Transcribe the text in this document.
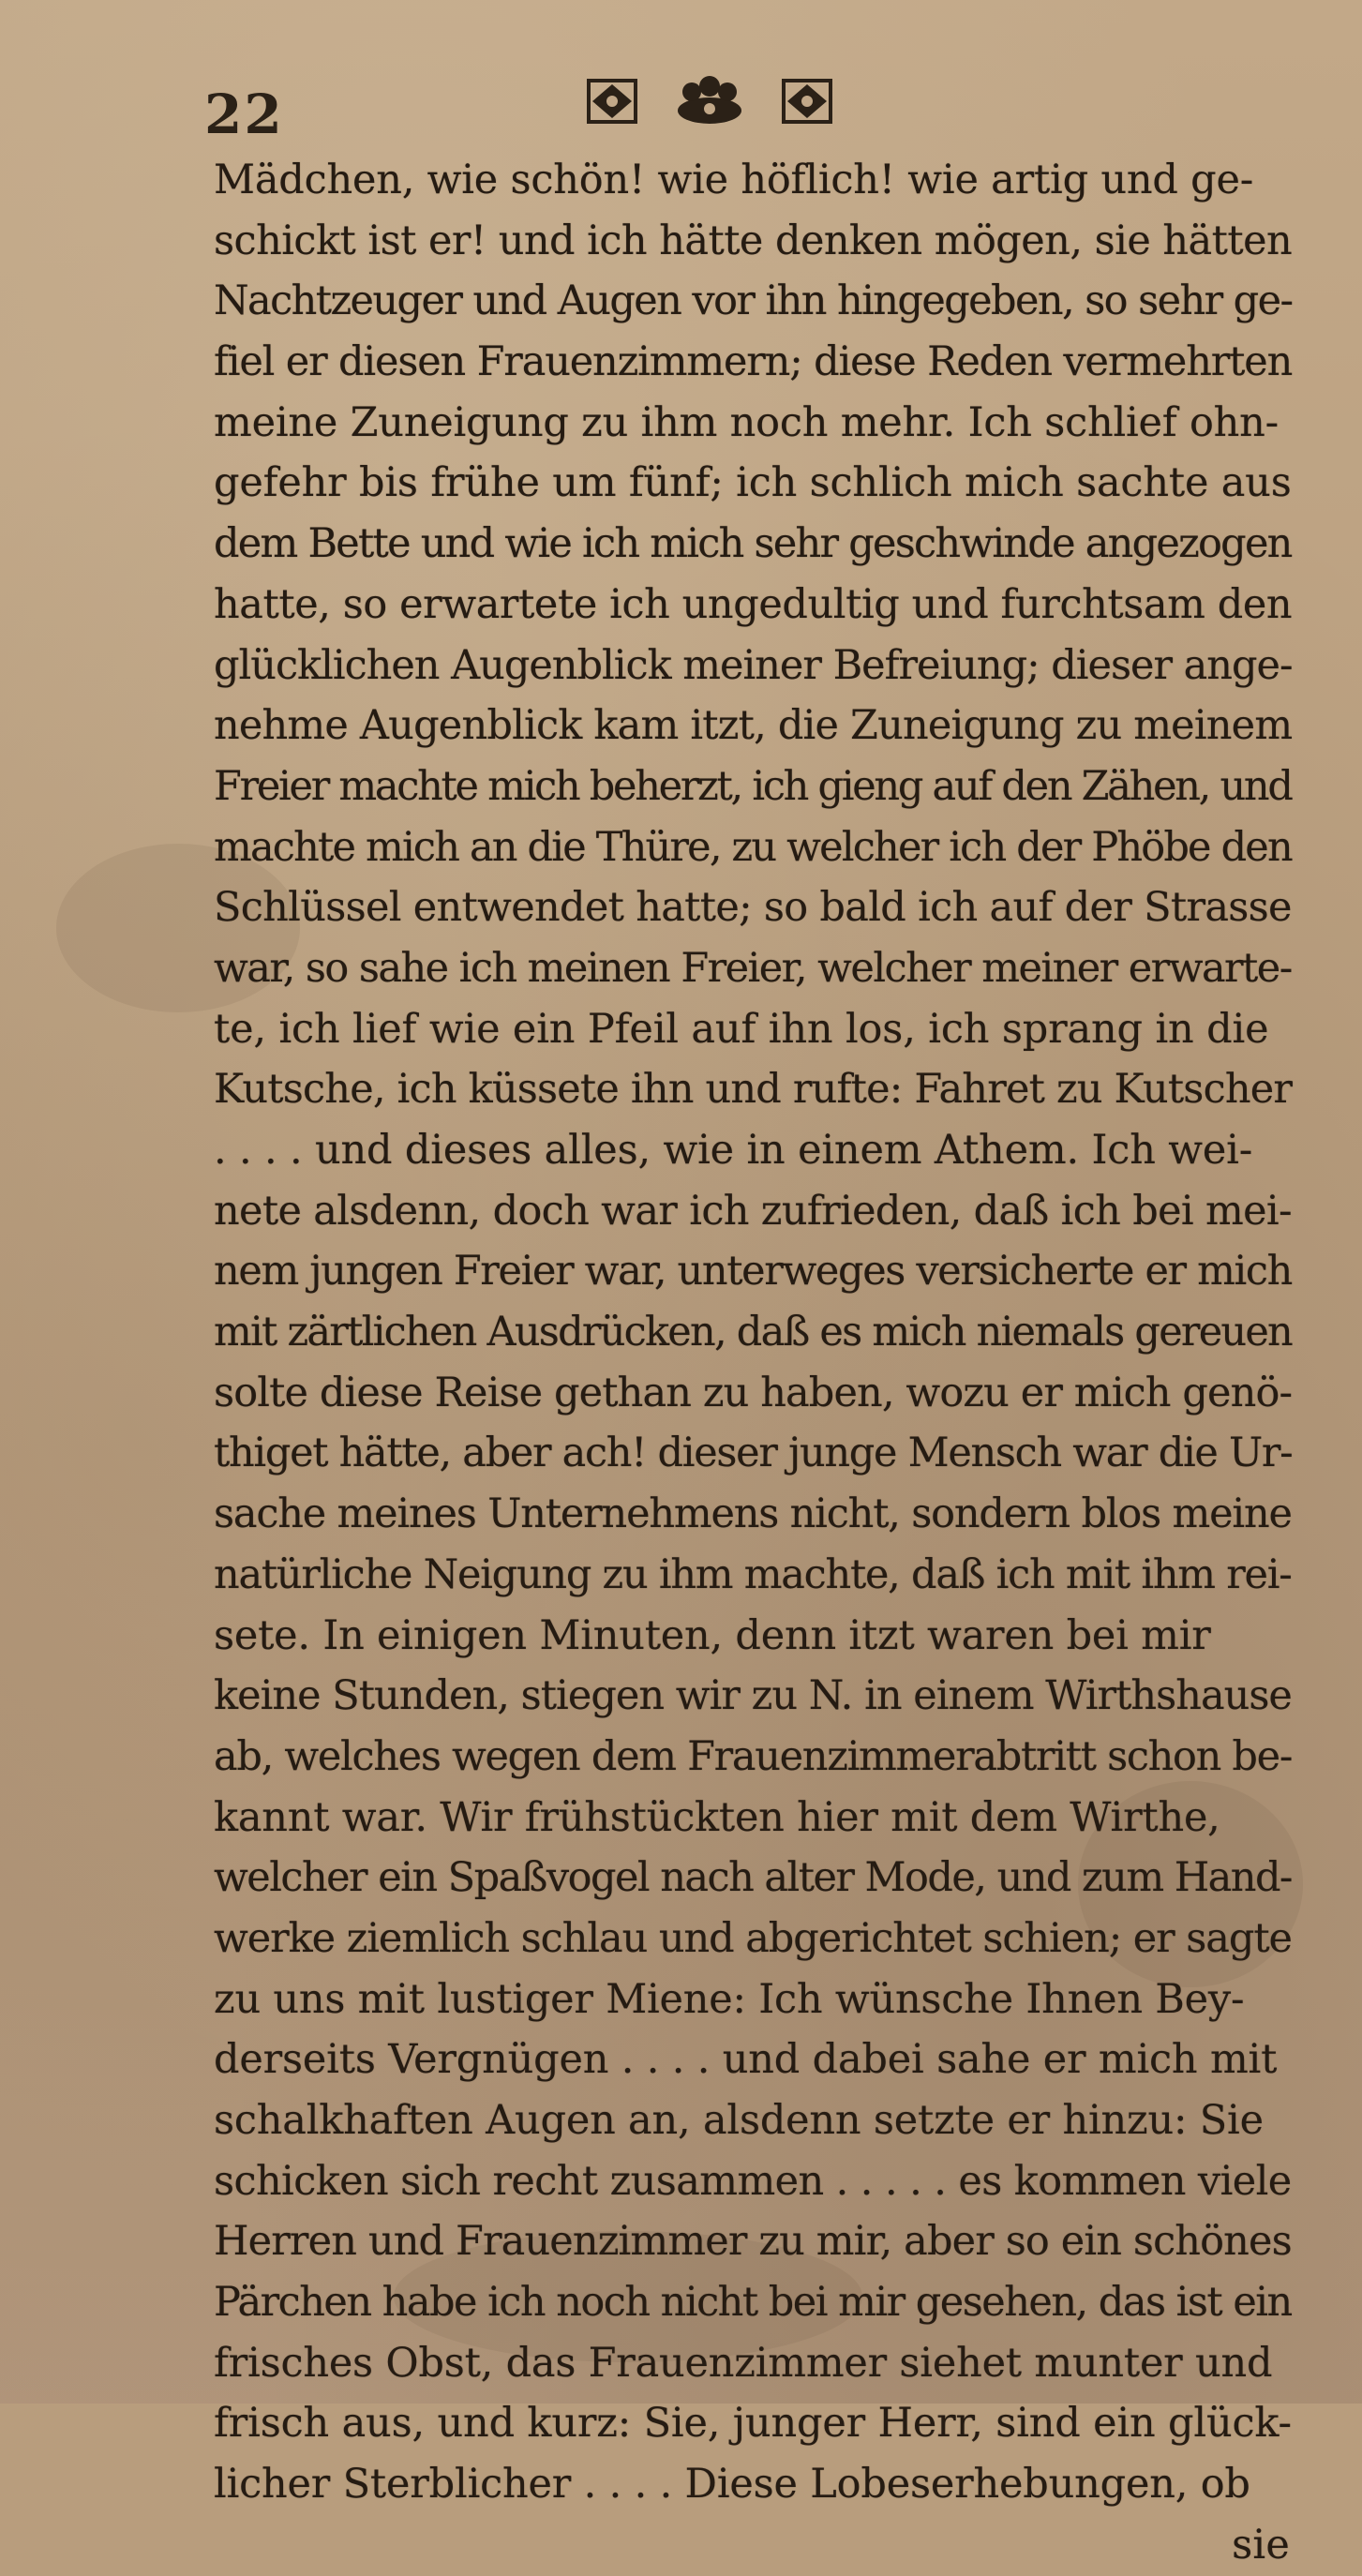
22
Mädchen, wie schön! wie höflich! wie artig und ge-
schickt ist er! und ich hätte denken mögen, sie hätten
Nachtzeuger und Augen vor ihn hingegeben, so sehr ge-
fiel er diesen Frauenzimmern; diese Reden vermehrten
meine Zuneigung zu ihm noch mehr. Ich schlief ohn-
gefehr bis frühe um fünf; ich schlich mich sachte aus
dem Bette und wie ich mich sehr geschwinde angezogen
hatte, so erwartete ich ungedultig und furchtsam den
glücklichen Augenblick meiner Befreiung; dieser ange-
nehme Augenblick kam itzt, die Zuneigung zu meinem
Freier machte mich beherzt, ich gieng auf den Zähen, und
machte mich an die Thüre, zu welcher ich der Phöbe den
Schlüssel entwendet hatte; so bald ich auf der Strasse
war, so sahe ich meinen Freier, welcher meiner erwarte-
te, ich lief wie ein Pfeil auf ihn los, ich sprang in die
Kutsche, ich küssete ihn und rufte: Fahret zu Kutscher
. . . . und dieses alles, wie in einem Athem. Ich wei-
nete alsdenn, doch war ich zufrieden, daß ich bei mei-
nem jungen Freier war, unterweges versicherte er mich
mit zärtlichen Ausdrücken, daß es mich niemals gereuen
solte diese Reise gethan zu haben, wozu er mich genö-
thiget hätte, aber ach! dieser junge Mensch war die Ur-
sache meines Unternehmens nicht, sondern blos meine
natürliche Neigung zu ihm machte, daß ich mit ihm rei-
sete. In einigen Minuten, denn itzt waren bei mir
keine Stunden, stiegen wir zu N. in einem Wirthshause
ab, welches wegen dem Frauenzimmerabtritt schon be-
kannt war. Wir frühstückten hier mit dem Wirthe,
welcher ein Spaßvogel nach alter Mode, und zum Hand-
werke ziemlich schlau und abgerichtet schien; er sagte
zu uns mit lustiger Miene: Ich wünsche Ihnen Bey-
derseits Vergnügen . . . . und dabei sahe er mich mit
schalkhaften Augen an, alsdenn setzte er hinzu: Sie
schicken sich recht zusammen . . . . . es kommen viele
Herren und Frauenzimmer zu mir, aber so ein schönes
Pärchen habe ich noch nicht bei mir gesehen, das ist ein
frisches Obst, das Frauenzimmer siehet munter und
frisch aus, und kurz: Sie, junger Herr, sind ein glück-
licher Sterblicher . . . . Diese Lobeserhebungen, ob
sie
